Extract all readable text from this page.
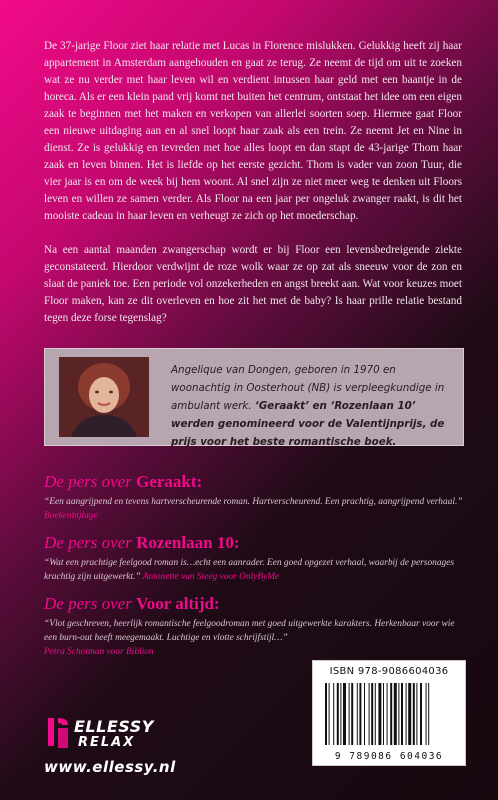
De 37-jarige Floor ziet haar relatie met Lucas in Florence mislukken. Gelukkig heeft zij haar appartement in Amsterdam aangehouden en gaat ze terug. Ze neemt de tijd om uit te zoeken wat ze nu verder met haar leven wil en verdient intussen haar geld met een baantje in de horeca. Als er een klein pand vrij komt net buiten het centrum, ontstaat het idee om een eigen zaak te beginnen met het maken en verkopen van allerlei soorten soep. Hiermee gaat Floor een nieuwe uitdaging aan en al snel loopt haar zaak als een trein. Ze neemt Jet en Nine in dienst. Ze is gelukkig en tevreden met hoe alles loopt en dan stapt de 43-jarige Thom haar zaak en leven binnen. Het is liefde op het eerste gezicht. Thom is vader van zoon Tuur, die vier jaar is en om de week bij hem woont. Al snel zijn ze niet meer weg te denken uit Floors leven en willen ze samen verder. Als Floor na een jaar per ongeluk zwanger raakt, is dit het mooiste cadeau in haar leven en verheugt ze zich op het moederschap.

Na een aantal maanden zwangerschap wordt er bij Floor een levensbedreigende ziekte geconstateerd. Hierdoor verdwijnt de roze wolk waar ze op zat als sneeuw voor de zon en slaat de paniek toe. Een periode vol onzekerheden en angst breekt aan. Wat voor keuzes moet Floor maken, kan ze dit overleven en hoe zit het met de baby? Is haar prille relatie bestand tegen deze forse tegenslag?

Angelique van Dongen, geboren in 1970 en woonachtig in Oosterhout (NB) is verpleegkundige in ambulant werk. ‘Geraakt’ en ‘Rozenlaan 10’ werden genomineerd voor de Valentijnprijs, de prijs voor het beste romantische boek.

De pers over Geraakt:

“Een aangrijpend en tevens hartverscheurende roman. Hartverscheurend. Een prachtig, aangrijpend verhaal.” Boekenbijlage

De pers over Rozenlaan 10:

“Wat een prachtige feelgood roman is…echt een aanrader. Een goed opgezet verhaal, waarbij de personages krachtig zijn uitgewerkt.” Antonette van Steeg voor OnlyByMe

De pers over Voor altijd:

“Vlot geschreven, heerlijk romantische feelgoodroman met goed uitgewerkte karakters. Herkenbaar voor wie een burn-out heeft meegemaakt. Luchtige en vlotte schrijfstijl…”
Petra Schoiman voor Biblion

ELLESSY
RELAX
www.ellessy.nl
ISBN 978-9086604036
9 789086 604036
